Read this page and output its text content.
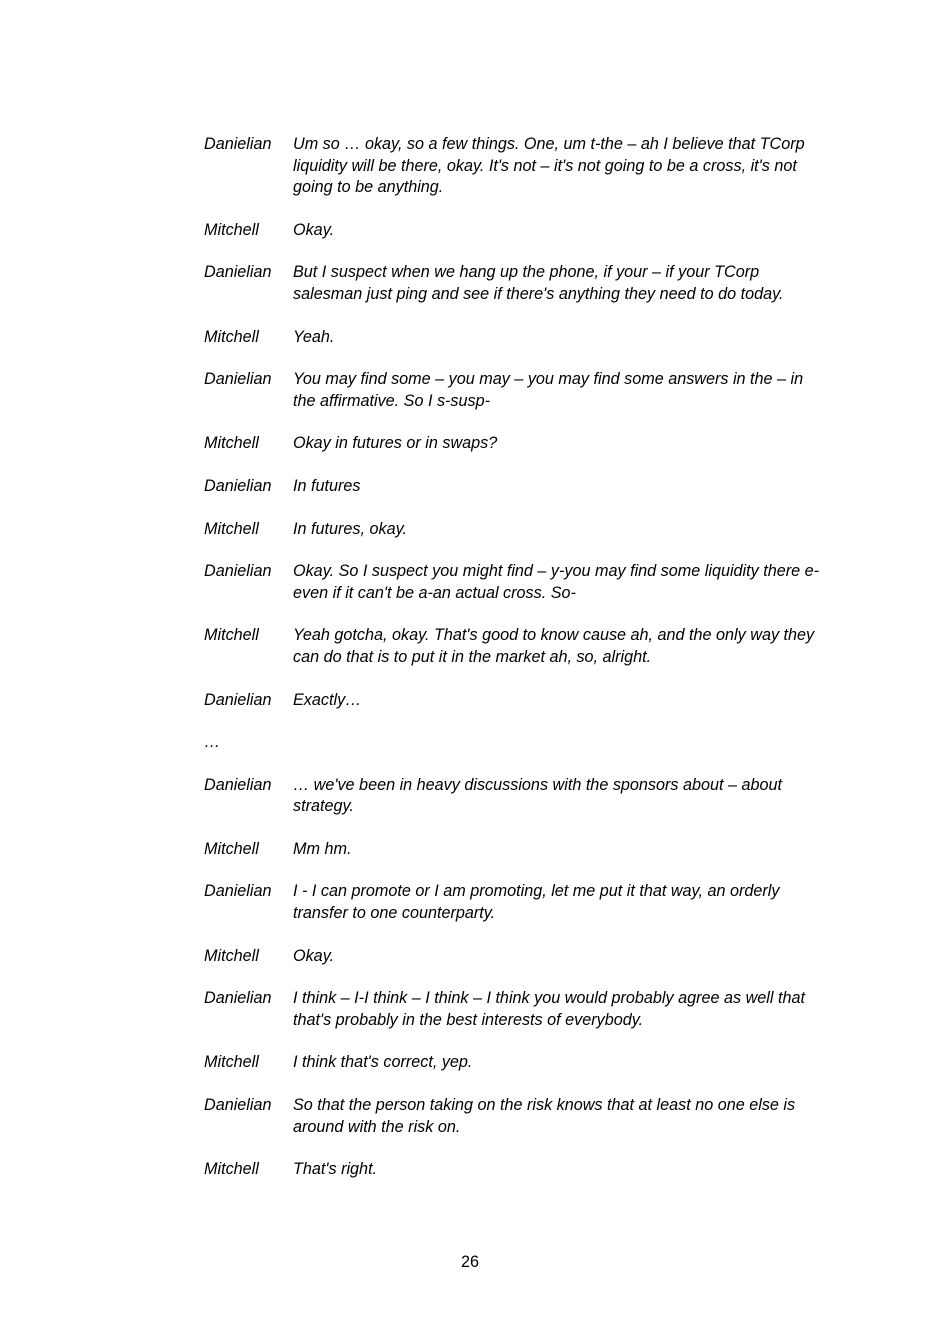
Danielian	Um so … okay, so a few things. One, um t-the – ah I believe that TCorp liquidity will be there, okay. It's not – it's not going to be a cross, it's not going to be anything.
Mitchell	Okay.
Danielian	But I suspect when we hang up the phone, if your – if your TCorp salesman just ping and see if there's anything they need to do today.
Mitchell	Yeah.
Danielian	You may find some – you may – you may find some answers in the – in the affirmative. So I s-susp-
Mitchell	Okay in futures or in swaps?
Danielian	In futures
Mitchell	In futures, okay.
Danielian	Okay. So I suspect you might find – y-you may find some liquidity there e-even if it can't be a-an actual cross. So-
Mitchell	Yeah gotcha, okay. That's good to know cause ah, and the only way they can do that is to put it in the market ah, so, alright.
Danielian	Exactly…
…
Danielian	… we've been in heavy discussions with the sponsors about – about strategy.
Mitchell	Mm hm.
Danielian	I - I can promote or I am promoting, let me put it that way, an orderly transfer to one counterparty.
Mitchell	Okay.
Danielian	I think – I-I think – I think – I think you would probably agree as well that that's probably in the best interests of everybody.
Mitchell	I think that's correct, yep.
Danielian	So that the person taking on the risk knows that at least no one else is around with the risk on.
Mitchell	That's right.
26
